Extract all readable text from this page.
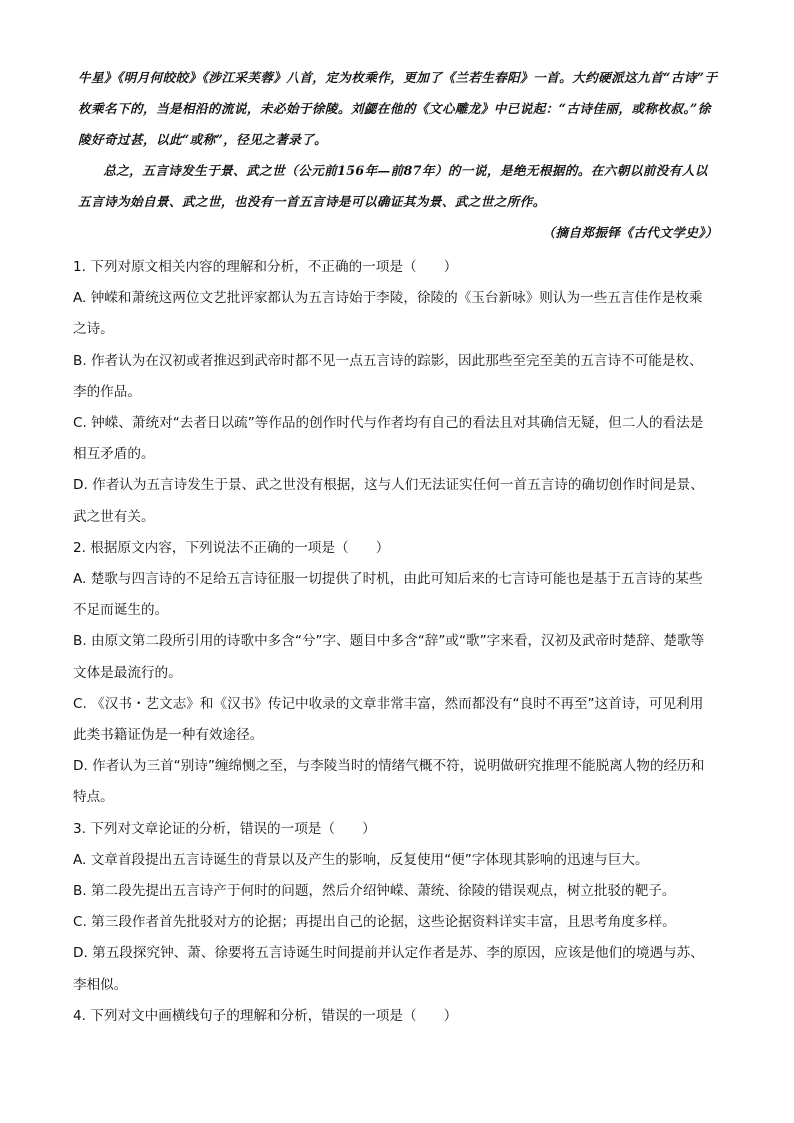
牛星》《明月何皎皎》《涉江采芙蓉》八首，定为枚乘作，更加了《兰若生春阳》一首。大约硬派这九首“古诗”于枚乘名下的，当是相沿的流说，未必始于徐陵。刘勰在他的《文心雕龙》中已说起：“古诗佳丽，或称枚叔。”徐陵好奇过甚，以此“或称”，径见之著录了。

总之，五言诗发生于景、武之世（公元前156年—前87年）的一说，是绝无根据的。在六朝以前没有人以五言诗为始自景、武之世，也没有一首五言诗是可以确证其为景、武之世之所作。

（摘自郑振铎《古代文学史》）

1. 下列对原文相关内容的理解和分析，不正确的一项是（　　）

A. 钟嵘和萧统这两位文艺批评家都认为五言诗始于李陵，徐陵的《玉台新咏》则认为一些五言佳作是枚乘之诗。

B. 作者认为在汉初或者推迟到武帝时都不见一点五言诗的踪影，因此那些至完至美的五言诗不可能是枚、李的作品。

C. 钟嵘、萧统对“去者日以疏”等作品的创作时代与作者均有自己的看法且对其确信无疑，但二人的看法是相互矛盾的。

D. 作者认为五言诗发生于景、武之世没有根据，这与人们无法证实任何一首五言诗的确切创作时间是景、武之世有关。

2. 根据原文内容，下列说法不正确的一项是（　　）

A. 楚歌与四言诗的不足给五言诗征服一切提供了时机，由此可知后来的七言诗可能也是基于五言诗的某些不足而诞生的。

B. 由原文第二段所引用的诗歌中多含“兮”字、题目中多含“辞”或“歌”字来看，汉初及武帝时楚辞、楚歌等文体是最流行的。

C. 《汉书・艺文志》和《汉书》传记中收录的文章非常丰富，然而都没有“良时不再至”这首诗，可见利用此类书籍证伪是一种有效途径。

D. 作者认为三首“别诗”缠绵恻之至，与李陵当时的情绪气概不符，说明做研究推理不能脱离人物的经历和特点。

3. 下列对文章论证的分析，错误的一项是（　　）

A. 文章首段提出五言诗诞生的背景以及产生的影响，反复使用“便”字体现其影响的迅速与巨大。

B. 第二段先提出五言诗产于何时的问题，然后介绍钟嵘、萧统、徐陵的错误观点，树立批驳的靶子。

C. 第三段作者首先批驳对方的论据；再提出自己的论据，这些论据资料详实丰富，且思考角度多样。

D. 第五段探究钟、萧、徐要将五言诗诞生时间提前并认定作者是苏、李的原因，应该是他们的境遇与苏、李相似。

4. 下列对文中画横线句子的理解和分析，错误的一项是（　　）
